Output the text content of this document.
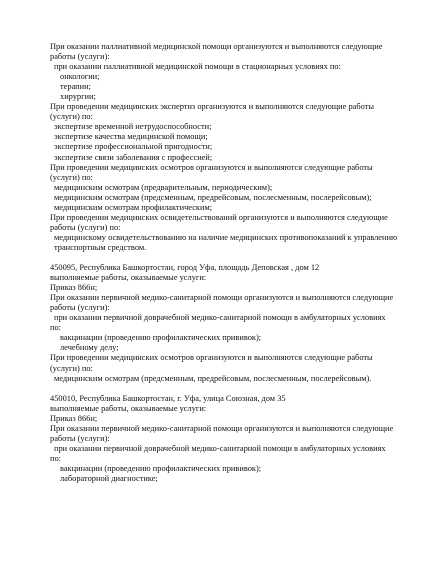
При оказании паллиативной медицинской помощи организуются и выполняются следующие
работы (услуги):
при оказании паллиативной медицинской помощи в стационарных условиях по:
онкологии;
терапии;
хирургии;
При проведении медицинских экспертиз организуются и выполняются следующие работы
(услуги) по:
экспертизе временной нетрудоспособности;
экспертизе качества медицинской помощи;
экспертизе профессиональной пригодности;
экспертизе связи заболевания с профессией;
При проведении медицинских осмотров организуются и выполняются следующие работы
(услуги) по:
медицинским осмотрам (предварительным, периодическим);
медицинским осмотрам (предсменным, предрейсовым, послесменным, послерейсовым);
медицинским осмотрам профилактическим;
При проведении медицинских освидетельствований организуются и выполняются следующие
работы (услуги) по:
медицинскому освидетельствованию на наличие медицинских противопоказаний к управлению
транспортным средством.
450095, Республика Башкортостан, город Уфа, площадь Деповская , дом 12
выполняемые работы, оказываемые услуги:
Приказ 866н;
При оказании первичной медико-санитарной помощи организуются и выполняются следующие
работы (услуги):
при оказании первичной доврачебной медико-санитарной помощи в амбулаторных условиях
по:
вакцинации (проведению профилактических прививок);
лечебному делу;
При проведении медицинских осмотров организуются и выполняются следующие работы
(услуги) по:
медицинским осмотрам (предсменным, предрейсовым, послесменным, послерейсовым).
450010, Республика Башкортостан, г. Уфа, улица Союзная, дом 35
выполняемые работы, оказываемые услуги:
Приказ 866н;
При оказании первичной медико-санитарной помощи организуются и выполняются следующие
работы (услуги):
при оказании первичной доврачебной медико-санитарной помощи в амбулаторных условиях
по:
вакцинации (проведению профилактических прививок);
лабораторной диагностике;
